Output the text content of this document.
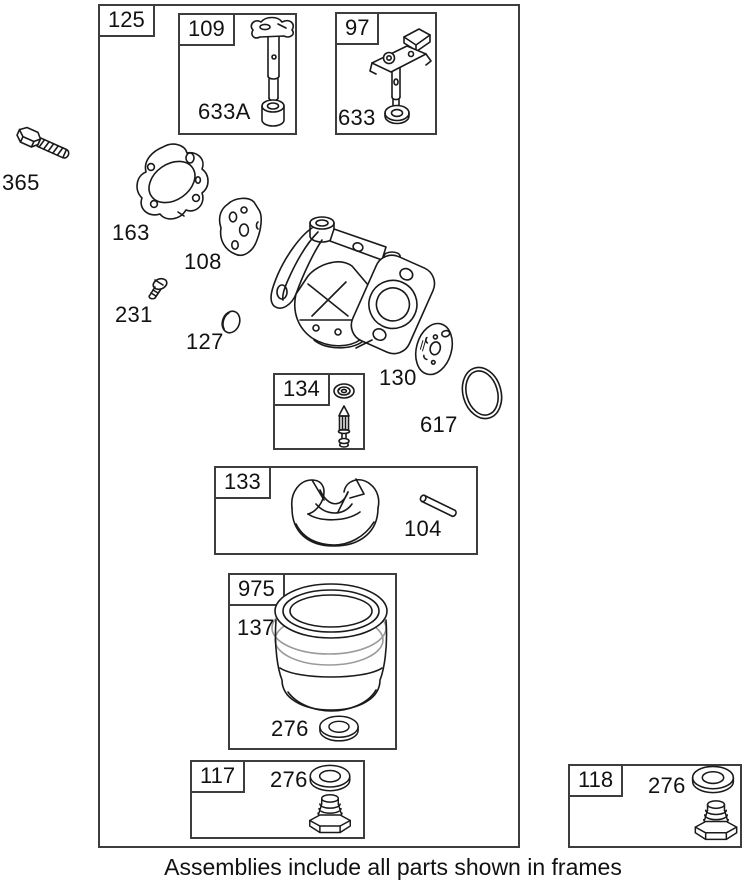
125	109
633A
97
633
365
163
108
231
127
130
617
134
133
104
975
137
276
117	276	118	276
Assemblies include all parts shown in frames
